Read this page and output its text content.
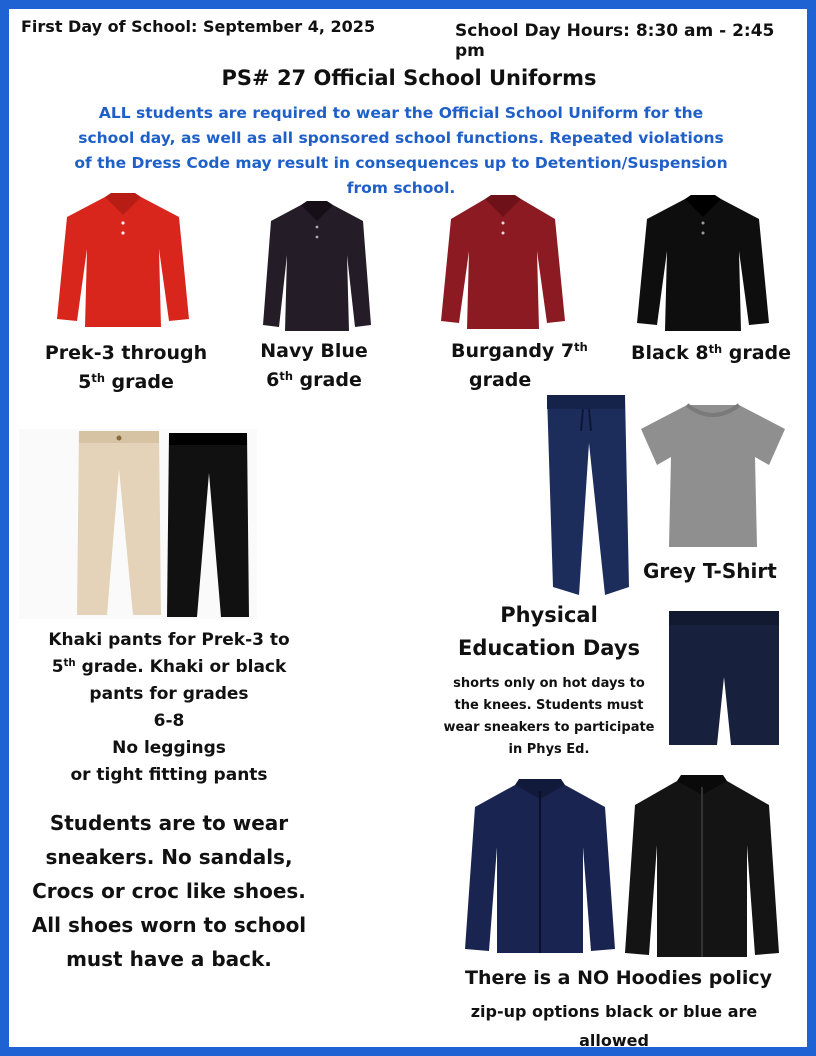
First Day of School: September 4, 2025	School Day Hours: 8:30 am - 2:45 pm
PS# 27 Official School Uniforms
ALL students are required to wear the Official School Uniform for the school day, as well as all sponsored school functions. Repeated violations of the Dress Code may result in consequences up to Detention/Suspension from school.
Prek-3 through
5th grade
Navy Blue
6th grade
Burgandy 7th
grade
Black 8th grade
Khaki pants for Prek-3 to
5th grade. Khaki or black
pants for grades
6-8
No leggings
or tight fitting pants
Students are to wear
sneakers. No sandals,
Crocs or croc like shoes.
All shoes worn to school
must have a back.
Grey T-Shirt
Physical
Education Days
shorts only on hot days to
the knees. Students must
wear sneakers to participate
in Phys Ed.
There is a NO Hoodies policy
zip-up options black or blue are
allowed
